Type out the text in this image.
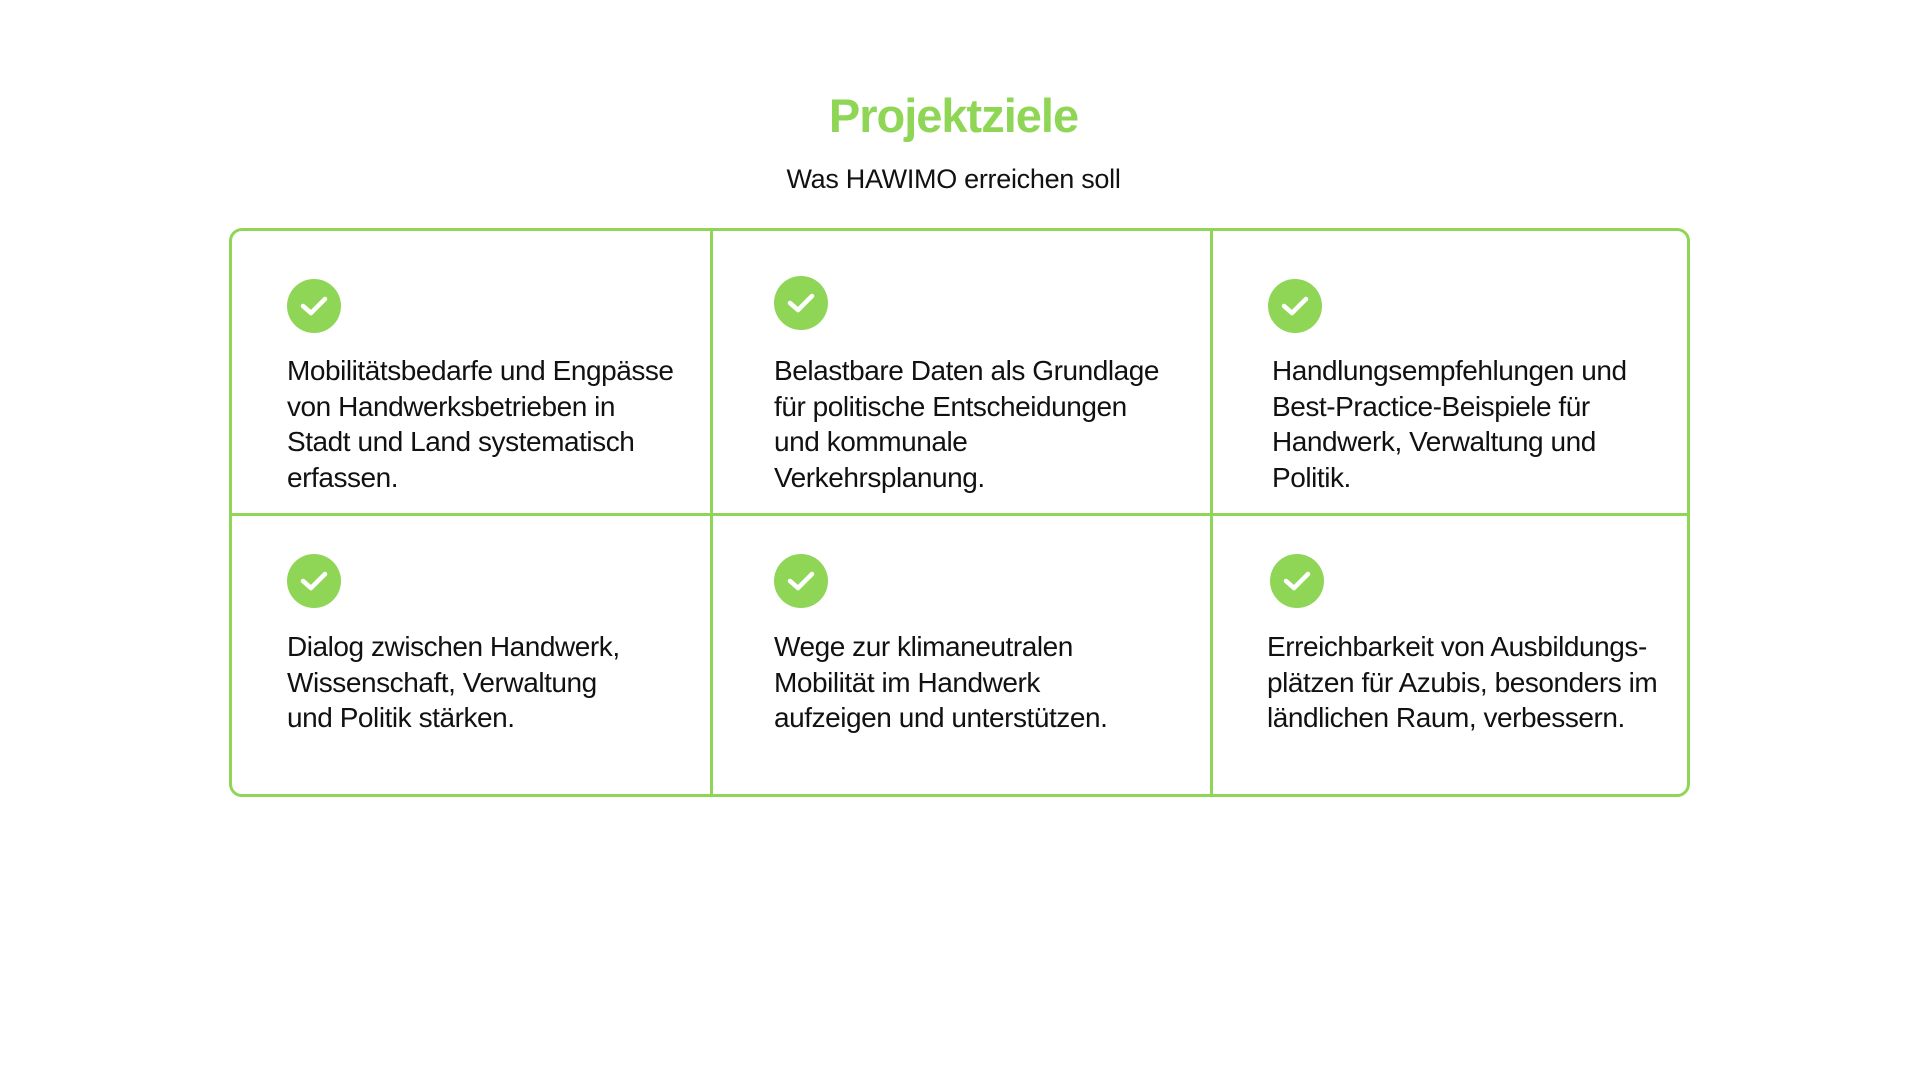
Projektziele

Was HAWIMO erreichen soll

Mobilitätsbedarfe und Engpässe
von Handwerksbetrieben in
Stadt und Land systematisch
erfassen.
Belastbare Daten als Grundlage
für politische Entscheidungen
und kommunale
Verkehrsplanung.
Handlungsempfehlungen und
Best-Practice-Beispiele für
Handwerk, Verwaltung und
Politik.
Dialog zwischen Handwerk,
Wissenschaft, Verwaltung
und Politik stärken.
Wege zur klimaneutralen
Mobilität im Handwerk
aufzeigen und unterstützen.
Erreichbarkeit von Ausbildungs-
plätzen für Azubis, besonders im
ländlichen Raum, verbessern.
